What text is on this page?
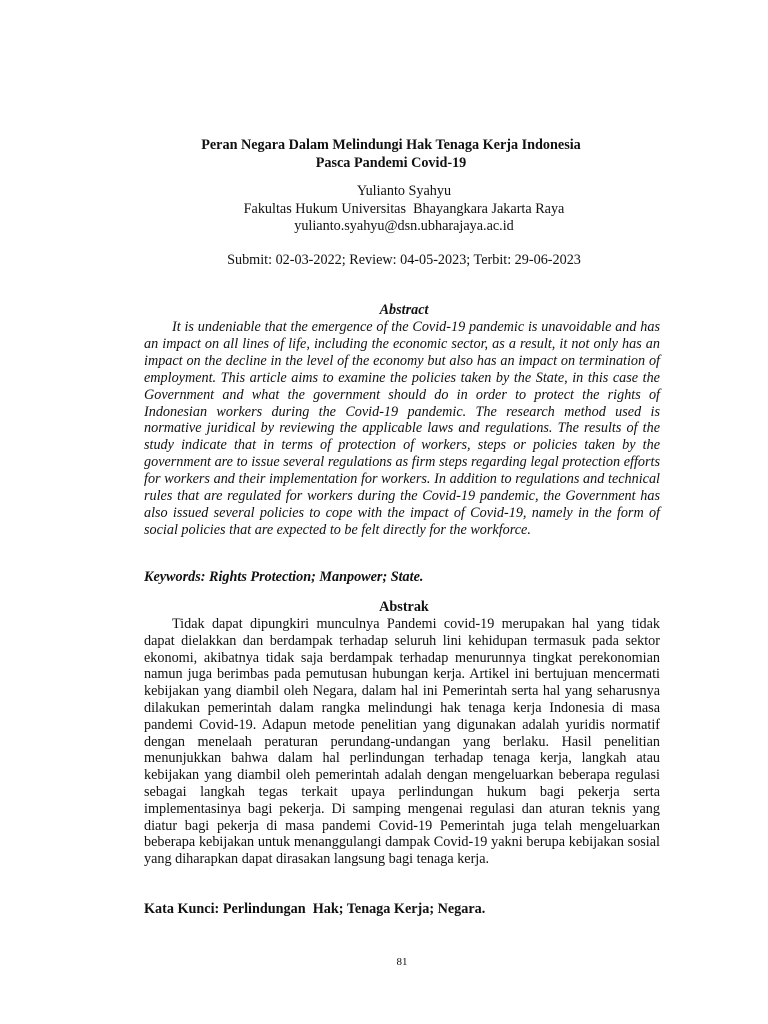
Peran Negara Dalam Melindungi Hak Tenaga Kerja Indonesia
Pasca Pandemi Covid-19
Yulianto Syahyu
Fakultas Hukum Universitas  Bhayangkara Jakarta Raya
yulianto.syahyu@dsn.ubharajaya.ac.id
Submit: 02-03-2022; Review: 04-05-2023; Terbit: 29-06-2023
Abstract

It is undeniable that the emergence of the Covid-19 pandemic is unavoidable and has an impact on all lines of life, including the economic sector, as a result, it not only has an impact on the decline in the level of the economy but also has an impact on termination of employment. This article aims to examine the policies taken by the State, in this case the Government and what the government should do in order to protect the rights of Indonesian workers during the Covid-19 pandemic. The research method used is normative juridical by reviewing the applicable laws and regulations. The results of the study indicate that in terms of protection of workers, steps or policies taken by the government are to issue several regulations as firm steps regarding legal protection efforts for workers and their implementation for workers. In addition to regulations and technical rules that are regulated for workers during the Covid-19 pandemic, the Government has also issued several policies to cope with the impact of Covid-19, namely in the form of social policies that are expected to be felt directly for the workforce.

Keywords: Rights Protection; Manpower; State.
Abstrak

Tidak dapat dipungkiri munculnya Pandemi covid-19 merupakan hal yang tidak dapat dielakkan dan berdampak terhadap seluruh lini kehidupan termasuk pada sektor ekonomi, akibatnya tidak saja berdampak terhadap menurunnya tingkat perekonomian namun juga berimbas pada pemutusan hubungan kerja. Artikel ini bertujuan mencermati kebijakan yang diambil oleh Negara, dalam hal ini Pemerintah serta hal yang seharusnya dilakukan pemerintah dalam rangka melindungi hak tenaga kerja Indonesia di masa pandemi Covid-19. Adapun metode penelitian yang digunakan adalah yuridis normatif dengan menelaah peraturan perundang-undangan yang berlaku. Hasil penelitian menunjukkan bahwa dalam hal perlindungan terhadap tenaga kerja, langkah atau kebijakan yang diambil oleh pemerintah adalah dengan mengeluarkan beberapa regulasi sebagai langkah tegas terkait upaya perlindungan hukum bagi pekerja serta implementasinya bagi pekerja. Di samping mengenai regulasi dan aturan teknis yang diatur bagi pekerja di masa pandemi Covid-19 Pemerintah juga telah mengeluarkan beberapa kebijakan untuk menanggulangi dampak Covid-19 yakni berupa kebijakan sosial yang diharapkan dapat dirasakan langsung bagi tenaga kerja.

Kata Kunci: Perlindungan  Hak; Tenaga Kerja; Negara.
81
